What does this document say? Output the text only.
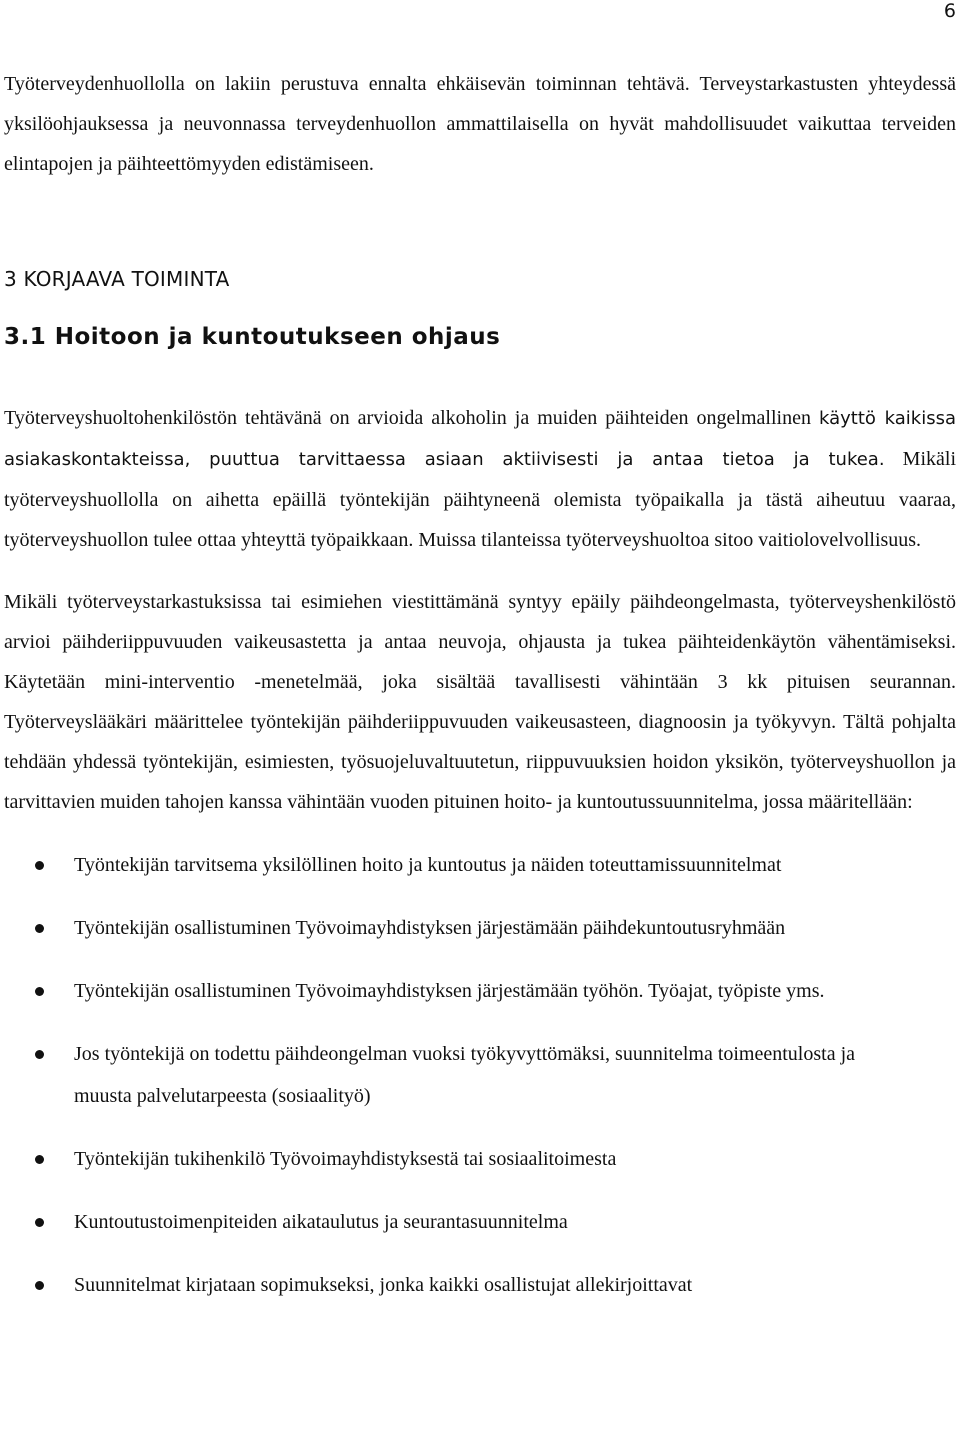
6

Työterveydenhuollolla on lakiin perustuva ennalta ehkäisevän toiminnan tehtävä. Terveystarkastusten yhteydessä yksilöohjauksessa ja neuvonnassa terveydenhuollon ammattilaisella on hyvät mahdollisuudet vaikuttaa terveiden elintapojen ja päihteettömyyden edistämiseen.

3 KORJAAVA TOIMINTA
3.1 Hoitoon ja kuntoutukseen ohjaus

Työterveyshuoltohenkilöstön tehtävänä on arvioida alkoholin ja muiden päihteiden ongelmallinen käyttö kaikissa asiakaskontakteissa, puuttua tarvittaessa asiaan aktiivisesti ja antaa tietoa ja tukea. Mikäli työterveyshuollolla on aihetta epäillä työntekijän päihtyneenä olemista työpaikalla ja tästä aiheutuu vaaraa, työterveyshuollon tulee ottaa yhteyttä työpaikkaan. Muissa tilanteissa työterveyshuoltoa sitoo vaitiolovelvollisuus.

Mikäli työterveystarkastuksissa tai esimiehen viestittämänä syntyy epäily päihdeongelmasta, työterveyshenkilöstö arvioi päihderiippuvuuden vaikeusastetta ja antaa neuvoja, ohjausta ja tukea päihteidenkäytön vähentämiseksi. Käytetään mini-interventio -menetelmää, joka sisältää tavallisesti vähintään 3 kk pituisen seurannan. Työterveyslääkäri määrittelee työntekijän päihderiippuvuuden vaikeusasteen, diagnoosin ja työkyvyn. Tältä pohjalta tehdään yhdessä työntekijän, esimiesten, työsuojeluvaltuutetun, riippuvuuksien hoidon yksikön, työterveyshuollon ja tarvittavien muiden tahojen kanssa vähintään vuoden pituinen hoito- ja kuntoutussuunnitelma, jossa määritellään:

Työntekijän tarvitsema yksilöllinen hoito ja kuntoutus ja näiden toteuttamissuunnitelmat
Työntekijän osallistuminen Työvoimayhdistyksen järjestämään päihdekuntoutusryhmään
Työntekijän osallistuminen Työvoimayhdistyksen järjestämään työhön. Työajat, työpiste yms.
Jos työntekijä on todettu päihdeongelman vuoksi työkyvyttömäksi, suunnitelma toimeentulosta ja muusta palvelutarpeesta (sosiaalityö)
Työntekijän tukihenkilö Työvoimayhdistyksestä tai sosiaalitoimesta
Kuntoutustoimenpiteiden aikataulutus ja seurantasuunnitelma
Suunnitelmat kirjataan sopimukseksi, jonka kaikki osallistujat allekirjoittavat
